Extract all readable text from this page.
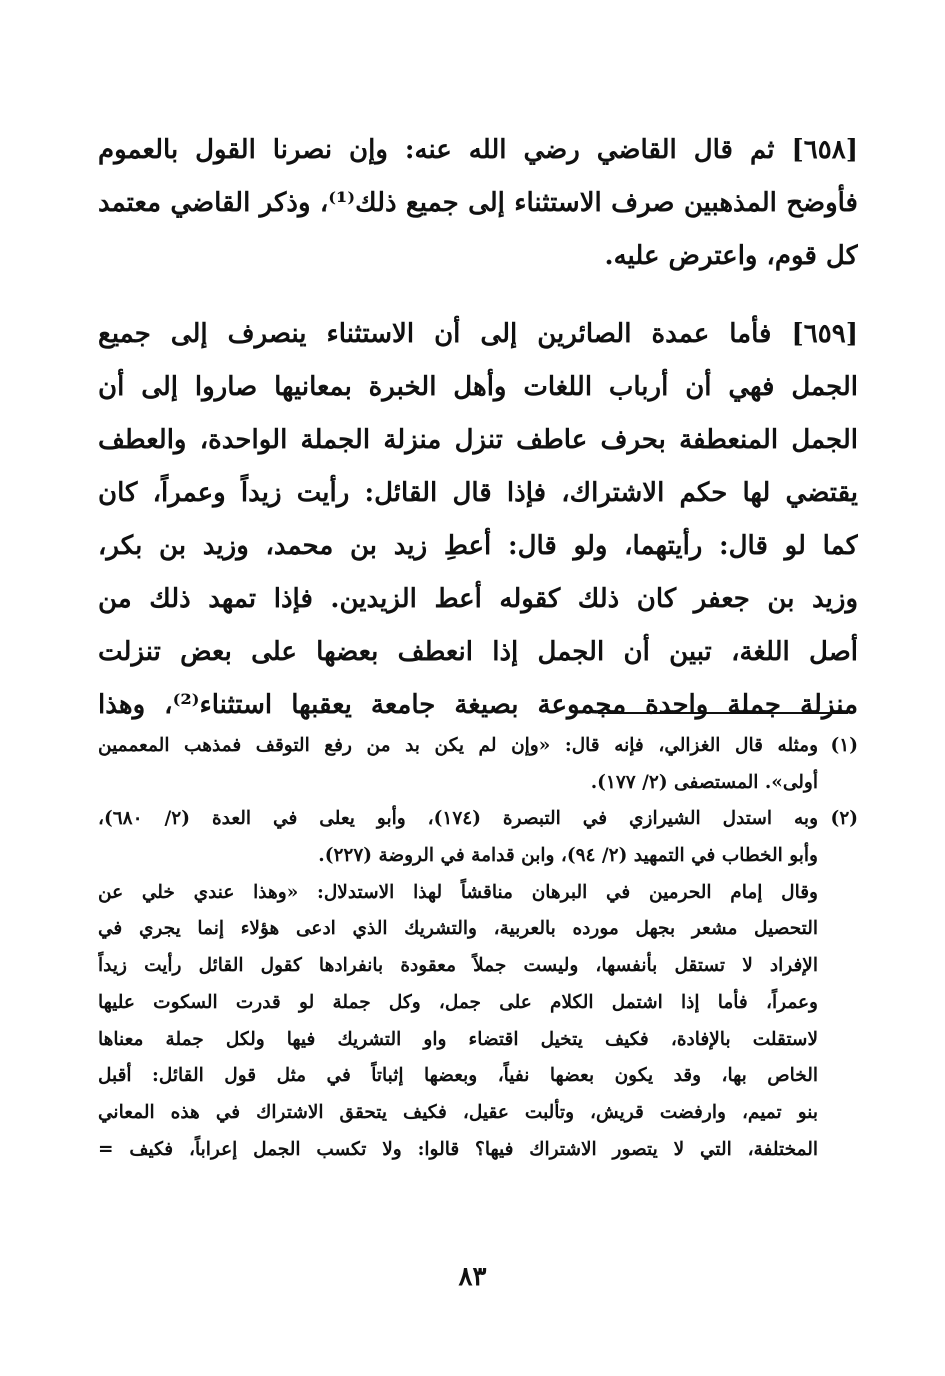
[٦٥٨] ثم قال القاضي رضي الله عنه: وإن نصرنا القول بالعموم
فأوضح المذهبين صرف الاستثناء إلى جميع ذلك⁽¹⁾، وذكر القاضي معتمد
كل قوم، واعترض عليه.
[٦٥٩] فأما عمدة الصائرين إلى أن الاستثناء ينصرف إلى جميع
الجمل فهي أن أرباب اللغات وأهل الخبرة بمعانيها صاروا إلى أن
الجمل المنعطفة بحرف عاطف تنزل منزلة الجملة الواحدة، والعطف
يقتضي لها حكم الاشتراك، فإذا قال القائل: رأيت زيداً وعمراً، كان
كما لو قال: رأيتهما، ولو قال: أعطِ زيد بن محمد، وزيد بن بكر،
وزيد بن جعفر كان ذلك كقوله أعط الزيدين. فإذا تمهد ذلك من
أصل اللغة، تبين أن الجمل إذا انعطف بعضها على بعض تنزلت
منزلة جملة واحدة مجموعة بصيغة جامعة يعقبها استثناء⁽²⁾، وهذا
(١)ومثله قال الغزالي، فإنه قال: «وإن لم يكن بد من رفع التوقف فمذهب المعممين
أولى». المستصفى (٢/ ١٧٧).
(٢)وبه استدل الشيرازي في التبصرة (١٧٤)، وأبو يعلى في العدة (٢/ ٦٨٠)،
وأبو الخطاب في التمهيد (٢/ ٩٤)، وابن قدامة في الروضة (٢٢٧).
وقال إمام الحرمين في البرهان مناقشاً لهذا الاستدلال: «وهذا عندي خلي عن
التحصيل مشعر بجهل مورده بالعربية، والتشريك الذي ادعى هؤلاء إنما يجري في
الإفراد لا تستقل بأنفسها، وليست جملاً معقودة بانفرادها كقول القائل رأيت زيداً
وعمراً، فأما إذا اشتمل الكلام على جمل، وكل جملة لو قدرت السكوت عليها
لاستقلت بالإفادة، فكيف يتخيل اقتضاء واو التشريك فيها ولكل جملة معناها
الخاص بها، وقد يكون بعضها نفياً، وبعضها إثباتاً في مثل قول القائل: أقبل
بنو تميم، وارفضت قريش، وتألبت عقيل، فكيف يتحقق الاشتراك في هذه المعاني
المختلفة، التي لا يتصور الاشتراك فيها؟ قالوا: ولا تكسب الجمل إعراباً، فكيف =
٨٣
